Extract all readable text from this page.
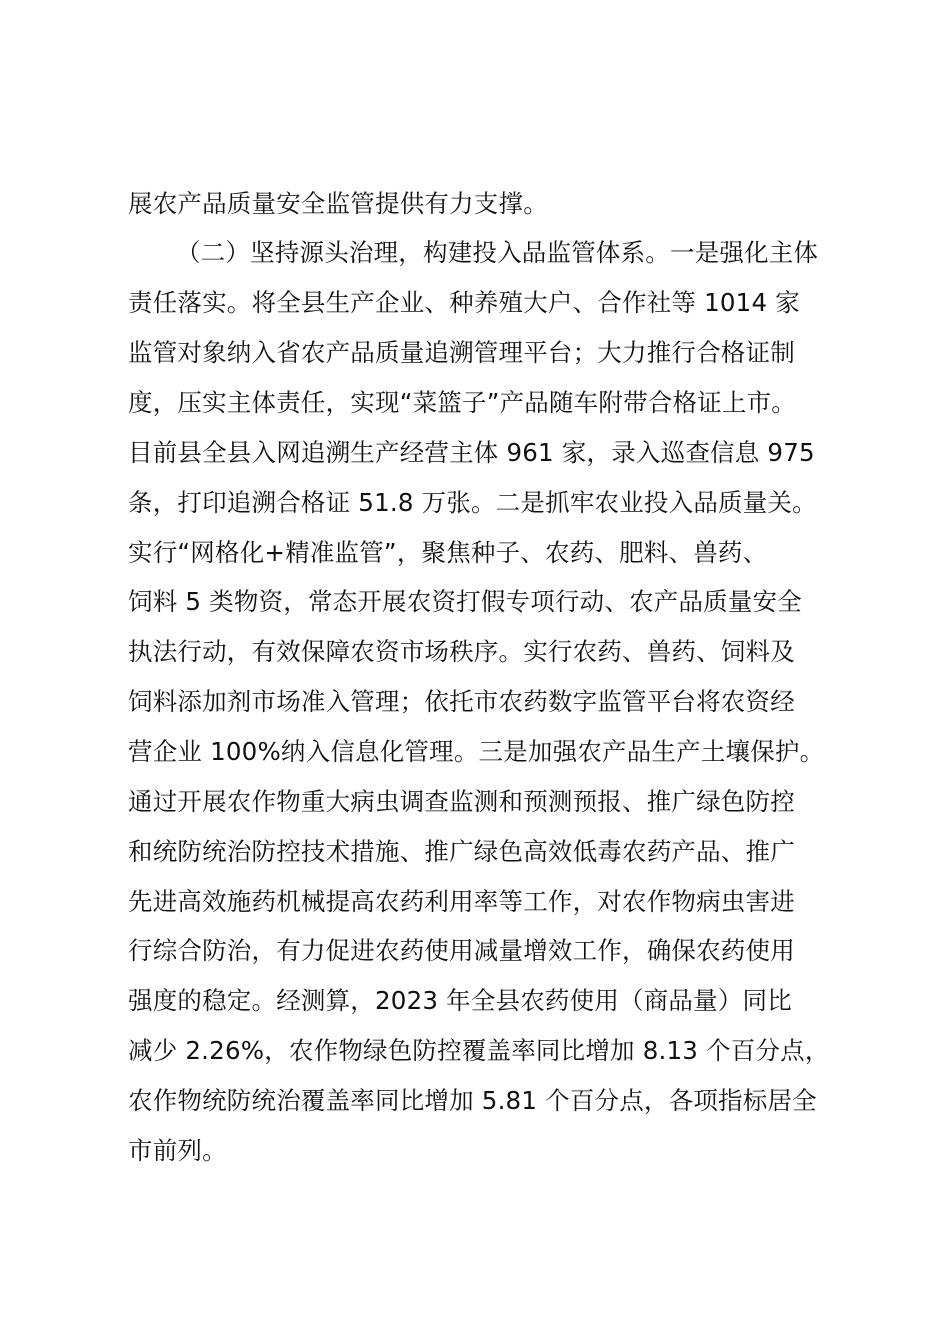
展农产品质量安全监管提供有力支撑。
（二）坚持源头治理，构建投入品监管体系。一是强化主体
责任落实。将全县生产企业、种养殖大户、合作社等 1014 家
监管对象纳入省农产品质量追溯管理平台；大力推行合格证制
度，压实主体责任，实现“菜篮子”产品随车附带合格证上市。
目前县全县入网追溯生产经营主体 961 家，录入巡查信息 975
条，打印追溯合格证 51.8 万张。二是抓牢农业投入品质量关。
实行“网格化+精准监管”，聚焦种子、农药、肥料、兽药、
饲料 5 类物资，常态开展农资打假专项行动、农产品质量安全
执法行动，有效保障农资市场秩序。实行农药、兽药、饲料及
饲料添加剂市场准入管理；依托市农药数字监管平台将农资经
营企业 100%纳入信息化管理。三是加强农产品生产土壤保护。
通过开展农作物重大病虫调查监测和预测预报、推广绿色防控
和统防统治防控技术措施、推广绿色高效低毒农药产品、推广
先进高效施药机械提高农药利用率等工作，对农作物病虫害进
行综合防治，有力促进农药使用减量增效工作，确保农药使用
强度的稳定。经测算，2023 年全县农药使用（商品量）同比
减少 2.26%，农作物绿色防控覆盖率同比增加 8.13 个百分点，
农作物统防统治覆盖率同比增加 5.81 个百分点，各项指标居全
市前列。
